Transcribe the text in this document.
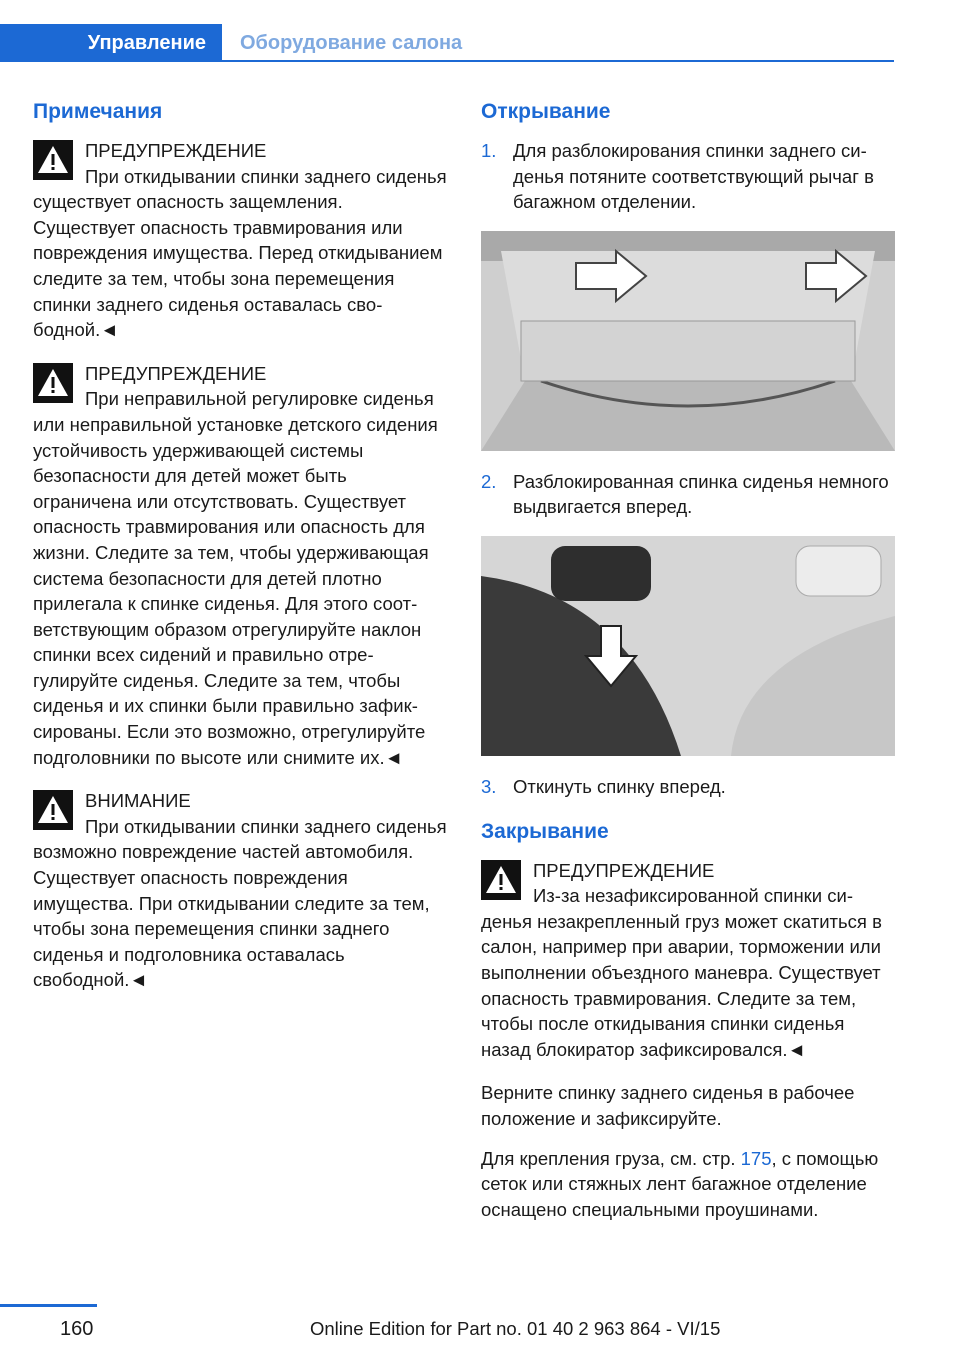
Управление	Оборудование салона
Примечания
ПРЕДУПРЕЖДЕНИЕ
При откидывании спинки заднего сиденья существует опасность защемления. Существует опасность травмирования или повреждения имущества. Перед откидыванием следите за тем, чтобы зона перемещения спинки заднего сиденья оставалась свободной.◄
ПРЕДУПРЕЖДЕНИЕ
При неправильной регулировке сиденья или неправильной установке детского сидения устойчивость удерживающей системы безопасности для детей может быть ограничена или отсутствовать. Существует опасность травмирования или опасность для жизни. Следите за тем, чтобы удерживающая система безопасности для детей плотно прилегала к спинке сиденья. Для этого соответствующим образом отрегулируйте наклон спинки всех сидений и правильно отрегулируйте сиденья. Следите за тем, чтобы сиденья и их спинки были правильно зафиксированы. Если это возможно, отрегулируйте подголовники по высоте или снимите их.◄
ВНИМАНИЕ
При откидывании спинки заднего сиденья возможно повреждение частей автомобиля. Существует опасность повреждения имущества. При откидывании следите за тем, чтобы зона перемещения спинки заднего сиденья и подголовника оставалась свободной.◄
Открывание
1. Для разблокирования спинки заднего сиденья потяните соответствующий рычаг в багажном отделении.
2. Разблокированная спинка сиденья немного выдвигается вперед.
3. Откинуть спинку вперед.
Закрывание
ПРЕДУПРЕЖДЕНИЕ
Из-за незафиксированной спинки сиденья незакрепленный груз может скатиться в салон, например при аварии, торможении или выполнении объездного маневра. Существует опасность травмирования. Следите за тем, чтобы после откидывания спинки сиденья назад блокиратор зафиксировался.◄

Верните спинку заднего сиденья в рабочее положение и зафиксируйте.

Для крепления груза, см. стр. 175, с помощью сеток или стяжных лент багажное отделение оснащено специальными проушинами.

160	Online Edition for Part no. 01 40 2 963 864 - VI/15
